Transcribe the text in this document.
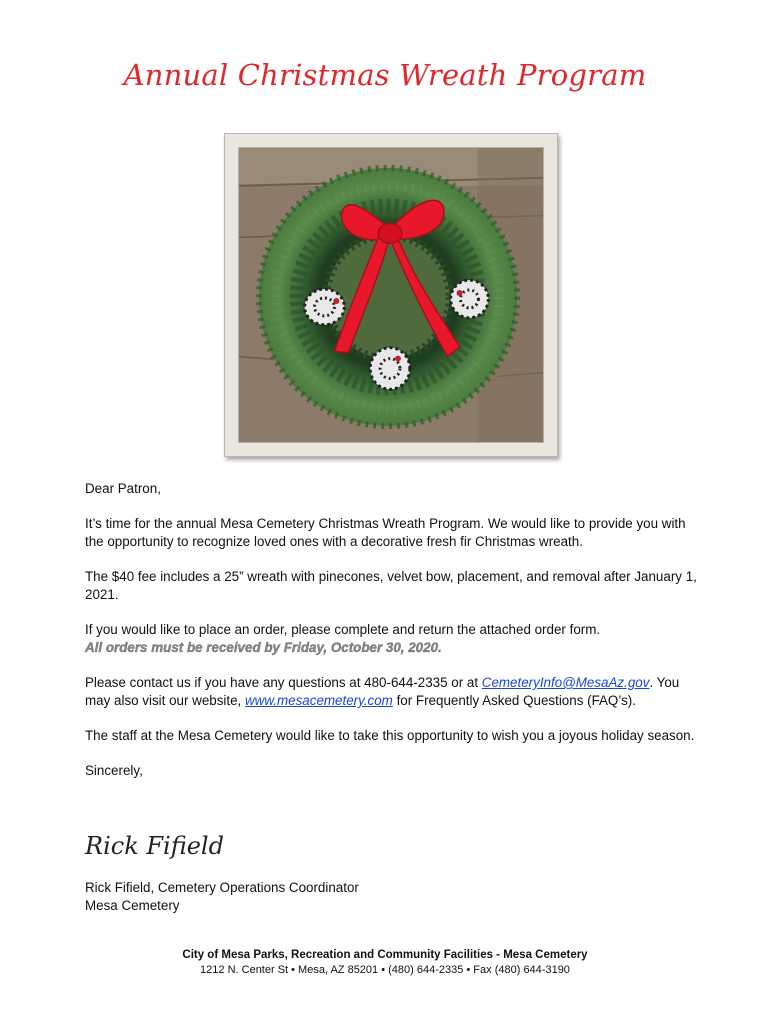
Annual Christmas Wreath Program

Dear Patron,

It’s time for the annual Mesa Cemetery Christmas Wreath Program. We would like to provide you with the opportunity to recognize loved ones with a decorative fresh fir Christmas wreath.

The $40 fee includes a 25” wreath with pinecones, velvet bow, placement, and removal after January 1, 2021.

If you would like to place an order, please complete and return the attached order form.
All orders must be received by Friday, October 30, 2020.

Please contact us if you have any questions at 480-644-2335 or at CemeteryInfo@MesaAz.gov. You may also visit our website, www.mesacemetery.com for Frequently Asked Questions (FAQ’s).

The staff at the Mesa Cemetery would like to take this opportunity to wish you a joyous holiday season.

Sincerely,

Rick Fifield
Rick Fifield, Cemetery Operations Coordinator
Mesa Cemetery
City of Mesa Parks, Recreation and Community Facilities - Mesa Cemetery
1212 N. Center St • Mesa, AZ 85201 • (480) 644-2335 • Fax (480) 644-3190
